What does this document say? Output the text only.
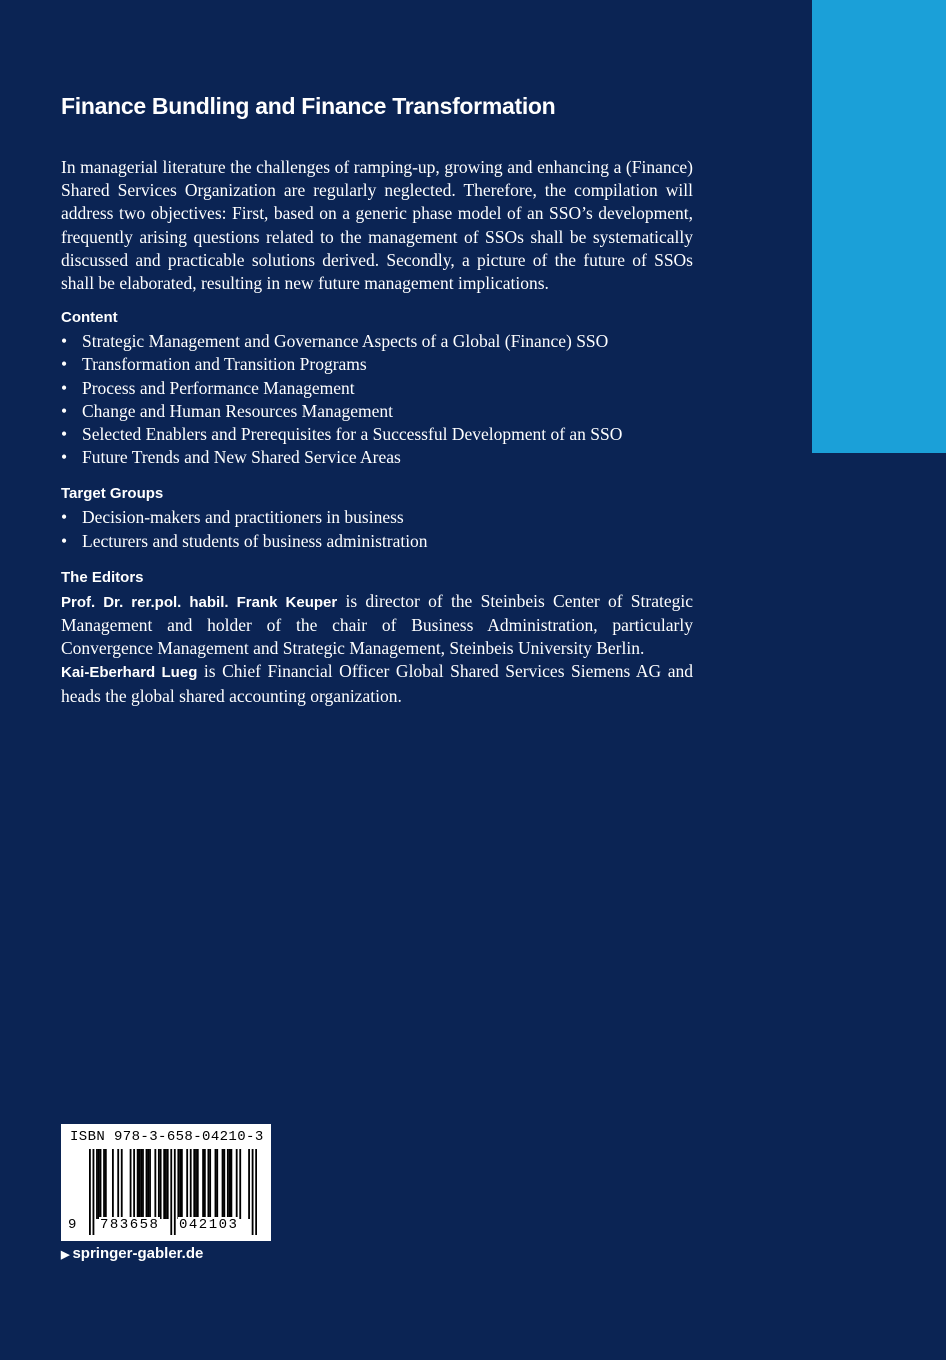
Finance Bundling and Finance Transformation

In managerial literature the challenges of ramping-up, growing and enhancing a (Finance) Shared Services Organization are regularly neglected. Therefore, the compilation will address two objectives: First, based on a generic phase model of an SSO’s development, frequently arising questions related to the management of SSOs shall be systematically discussed and practicable solutions derived. Secondly, a picture of the future of SSOs shall be elaborated, resulting in new future management implications.

Content
• Strategic Management and Governance Aspects of a Global (Finance) SSO
• Transformation and Transition Programs
• Process and Performance Management
• Change and Human Resources Management
• Selected Enablers and Prerequisites for a Successful Development of an SSO
• Future Trends and New Shared Service Areas
Target Groups
• Decision-makers and practitioners in business
• Lecturers and students of business administration
The Editors

Prof. Dr. rer.pol. habil. Frank Keuper is director of the Steinbeis Center of Strategic Management and holder of the chair of Business Administration, particularly Convergence Management and Strategic Management, Steinbeis University Berlin.

Kai-Eberhard Lueg is Chief Financial Officer Global Shared Services Siemens AG and heads the global shared accounting organization.

ISBN 978-3-658-04210-3
9 783658 042103
▶ springer-gabler.de
